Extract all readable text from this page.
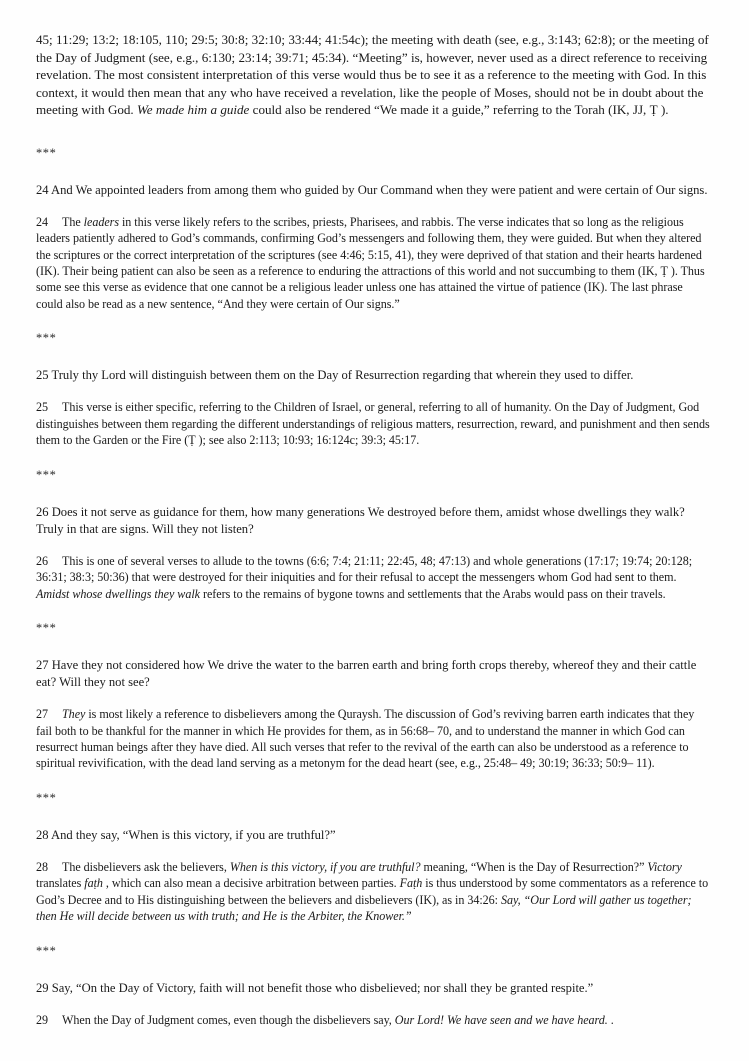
45; 11:29; 13:2; 18:105, 110; 29:5; 30:8; 32:10; 33:44; 41:54c); the meeting with death (see, e.g., 3:143; 62:8); or the meeting of the Day of Judgment (see, e.g., 6:130; 23:14; 39:71; 45:34). “Meeting” is, however, never used as a direct reference to receiving revelation. The most consistent interpretation of this verse would thus be to see it as a reference to the meeting with God. In this context, it would then mean that any who have received a revelation, like the people of Moses, should not be in doubt about the meeting with God. We made him a guide could also be rendered “We made it a guide,” referring to the Torah (IK, JJ, Ṭ ).

***

24 And We appointed leaders from among them who guided by Our Command when they were patient and were certain of Our signs.

24 The leaders in this verse likely refers to the scribes, priests, Pharisees, and rabbis. The verse indicates that so long as the religious leaders patiently adhered to God’s commands, confirming God’s messengers and following them, they were guided. But when they altered the scriptures or the correct interpretation of the scriptures (see 4:46; 5:15, 41), they were deprived of that station and their hearts hardened (IK). Their being patient can also be seen as a reference to enduring the attractions of this world and not succumbing to them (IK, Ṭ ). Thus some see this verse as evidence that one cannot be a religious leader unless one has attained the virtue of patience (IK). The last phrase could also be read as a new sentence, “And they were certain of Our signs.”

***

25 Truly thy Lord will distinguish between them on the Day of Resurrection regarding that wherein they used to differ.

25 This verse is either specific, referring to the Children of Israel, or general, referring to all of humanity. On the Day of Judgment, God distinguishes between them regarding the different understandings of religious matters, resurrection, reward, and punishment and then sends them to the Garden or the Fire (Ṭ ); see also 2:113; 10:93; 16:124c; 39:3; 45:17.

***

26 Does it not serve as guidance for them, how many generations We destroyed before them, amidst whose dwellings they walk? Truly in that are signs. Will they not listen?

26 This is one of several verses to allude to the towns (6:6; 7:4; 21:11; 22:45, 48; 47:13) and whole generations (17:17; 19:74; 20:128; 36:31; 38:3; 50:36) that were destroyed for their iniquities and for their refusal to accept the messengers whom God had sent to them. Amidst whose dwellings they walk refers to the remains of bygone towns and settlements that the Arabs would pass on their travels.

***

27 Have they not considered how We drive the water to the barren earth and bring forth crops thereby, whereof they and their cattle eat? Will they not see?

27 They is most likely a reference to disbelievers among the Quraysh. The discussion of God’s reviving barren earth indicates that they fail both to be thankful for the manner in which He provides for them, as in 56:68– 70, and to understand the manner in which God can resurrect human beings after they have died. All such verses that refer to the revival of the earth can also be understood as a reference to spiritual revivification, with the dead land serving as a metonym for the dead heart (see, e.g., 25:48– 49; 30:19; 36:33; 50:9– 11).

***

28 And they say, “When is this victory, if you are truthful?”

28 The disbelievers ask the believers, When is this victory, if you are truthful? meaning, “When is the Day of Resurrection?” Victory translates faṭh , which can also mean a decisive arbitration between parties. Faṭh is thus understood by some commentators as a reference to God’s Decree and to His distinguishing between the believers and disbelievers (IK), as in 34:26: Say, “Our Lord will gather us together; then He will decide between us with truth; and He is the Arbiter, the Knower.”

***

29 Say, “On the Day of Victory, faith will not benefit those who disbelieved; nor shall they be granted respite.”

29 When the Day of Judgment comes, even though the disbelievers say, Our Lord! We have seen and we have heard. .
